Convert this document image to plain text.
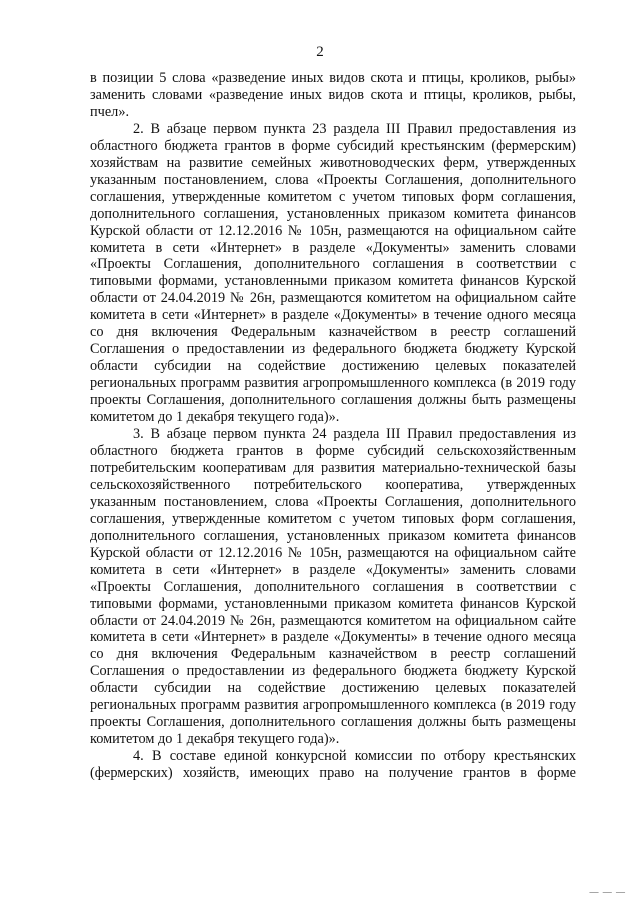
2

в позиции 5 слова «разведение иных видов скота и птицы, кроликов, рыбы» заменить словами «разведение иных видов скота и птицы, кроликов, рыбы, пчел».

2. В абзаце первом пункта 23 раздела III Правил предоставления из областного бюджета грантов в форме субсидий крестьянским (фермерским) хозяйствам на развитие семейных животноводческих ферм, утвержденных указанным постановлением, слова «Проекты Соглашения, дополнительного соглашения, утвержденные комитетом с учетом типовых форм соглашения, дополнительного соглашения, установленных приказом комитета финансов Курской области от 12.12.2016 № 105н, размещаются на официальном сайте комитета в сети «Интернет» в разделе «Документы» заменить словами «Проекты Соглашения, дополнительного соглашения в соответствии с типовыми формами, установленными приказом комитета финансов Курской области от 24.04.2019 № 26н, размещаются комитетом на официальном сайте комитета в сети «Интернет» в разделе «Документы» в течение одного месяца со дня включения Федеральным казначейством в реестр соглашений Соглашения о предоставлении из федерального бюджета бюджету Курской области субсидии на содействие достижению целевых показателей региональных программ развития агропромышленного комплекса (в 2019 году проекты Соглашения, дополнительного соглашения должны быть размещены комитетом до 1 декабря текущего года)».

3. В абзаце первом пункта 24 раздела III Правил предоставления из областного бюджета грантов в форме субсидий сельскохозяйственным потребительским кооперативам для развития материально-технической базы сельскохозяйственного потребительского кооператива, утвержденных указанным постановлением, слова «Проекты Соглашения, дополнительного соглашения, утвержденные комитетом с учетом типовых форм соглашения, дополнительного соглашения, установленных приказом комитета финансов Курской области от 12.12.2016 № 105н, размещаются на официальном сайте комитета в сети «Интернет» в разделе «Документы» заменить словами «Проекты Соглашения, дополнительного соглашения в соответствии с типовыми формами, установленными приказом комитета финансов Курской области от 24.04.2019 № 26н, размещаются комитетом на официальном сайте комитета в сети «Интернет» в разделе «Документы» в течение одного месяца со дня включения Федеральным казначейством в реестр соглашений Соглашения о предоставлении из федерального бюджета бюджету Курской области субсидии на содействие достижению целевых показателей региональных программ развития агропромышленного комплекса (в 2019 году проекты Соглашения, дополнительного соглашения должны быть размещены комитетом до 1 декабря текущего года)».

4. В составе единой конкурсной комиссии по отбору крестьянских (фермерских) хозяйств, имеющих право на получение грантов в форме

— — —
